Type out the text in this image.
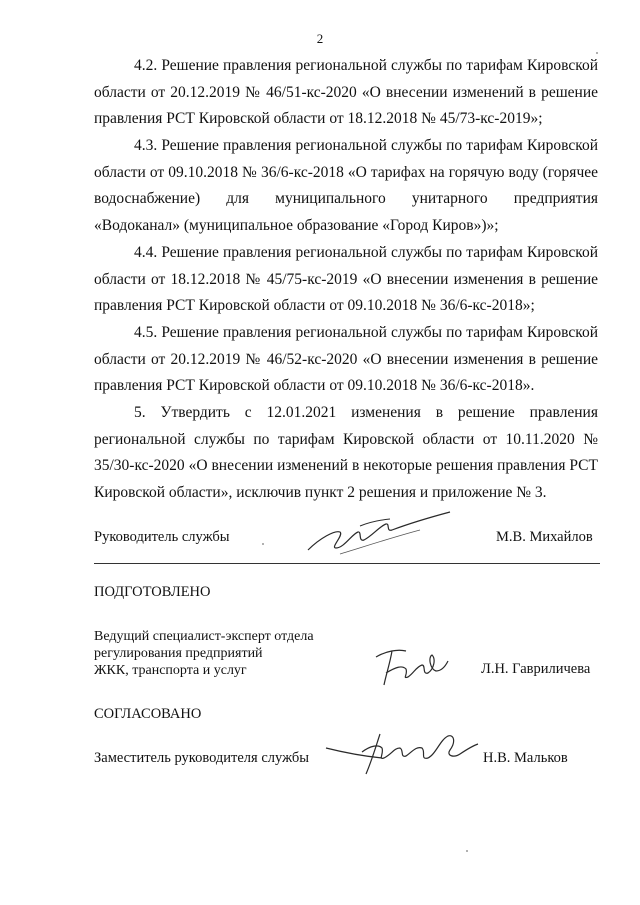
2

4.2. Решение правления региональной службы по тарифам Кировской области от 20.12.2019 № 46/51-кс-2020 «О внесении изменений в решение правления РСТ Кировской области от 18.12.2018 № 45/73-кс-2019»;

4.3. Решение правления региональной службы по тарифам Кировской области от 09.10.2018 № 36/6-кс-2018 «О тарифах на горячую воду (горячее водоснабжение) для муниципального унитарного предприятия «Водоканал» (муниципальное образование «Город Киров»)»;

4.4. Решение правления региональной службы по тарифам Кировской области от 18.12.2018 № 45/75-кс-2019 «О внесении изменения в решение правления РСТ Кировской области от 09.10.2018 № 36/6-кс-2018»;

4.5. Решение правления региональной службы по тарифам Кировской области от 20.12.2019 № 46/52-кс-2020 «О внесении изменения в решение правления РСТ Кировской области от 09.10.2018 № 36/6-кс-2018».

5. Утвердить с 12.01.2021 изменения в решение правления региональной службы по тарифам Кировской области от 10.11.2020 № 35/30-кс-2020 «О внесении изменений в некоторые решения правления РСТ Кировской области», исключив пункт 2 решения и приложение № 3.

Руководитель службы	М.В. Михайлов
ПОДГОТОВЛЕНО

Ведущий специалист-эксперт отдела

регулирования предприятий

ЖКК, транспорта и услуг	Л.Н. Гавриличева
СОГЛАСОВАНО
Заместитель руководителя службы	Н.В. Мальков
